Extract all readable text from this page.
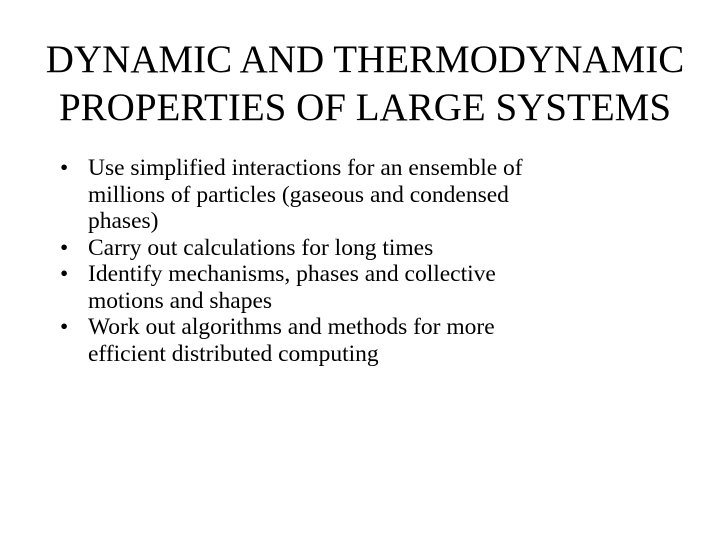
DYNAMIC AND THERMODYNAMIC
PROPERTIES OF LARGE SYSTEMS
• Use simplified interactions for an ensemble of
millions of particles (gaseous and condensed
phases)
• Carry out calculations for long times
• Identify mechanisms, phases and collective
motions and shapes
• Work out algorithms and methods for more
efficient distributed computing
